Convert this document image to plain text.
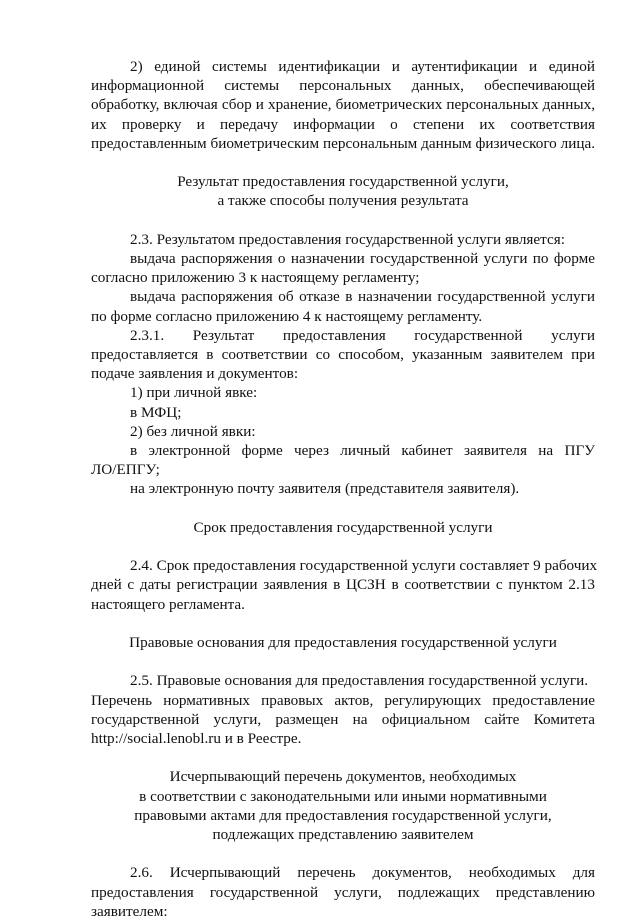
2) единой системы идентификации и аутентификации и единой

информационной системы персональных данных, обеспечивающей

обработку, включая сбор и хранение, биометрических персональных данных,

их проверку и передачу информации о степени их соответствия

предоставленным биометрическим персональным данным физического лица.

Результат предоставления государственной услуги,

а также способы получения результата

2.3. Результатом предоставления государственной услуги является:

выдача распоряжения о назначении государственной услуги по форме

согласно приложению 3 к настоящему регламенту;

выдача распоряжения об отказе в назначении государственной услуги

по форме согласно приложению 4 к настоящему регламенту.

2.3.1. Результат предоставления государственной услуги

предоставляется в соответствии со способом, указанным заявителем при

подаче заявления и документов:

1) при личной явке:

в МФЦ;

2) без личной явки:

в электронной форме через личный кабинет заявителя на ПГУ

ЛО/ЕПГУ;

на электронную почту заявителя (представителя заявителя).

Срок предоставления государственной услуги

2.4. Срок предоставления государственной услуги составляет 9 рабочих

дней с даты регистрации заявления в ЦСЗН в соответствии с пунктом 2.13

настоящего регламента.

Правовые основания для предоставления государственной услуги

2.5. Правовые основания для предоставления государственной услуги.

Перечень нормативных правовых актов, регулирующих предоставление

государственной услуги, размещен на официальном сайте Комитета

http://social.lenobl.ru и в Реестре.

Исчерпывающий перечень документов, необходимых

в соответствии с законодательными или иными нормативными

правовыми актами для предоставления государственной услуги,

подлежащих представлению заявителем

2.6. Исчерпывающий перечень документов, необходимых для

предоставления государственной услуги, подлежащих представлению

заявителем:
